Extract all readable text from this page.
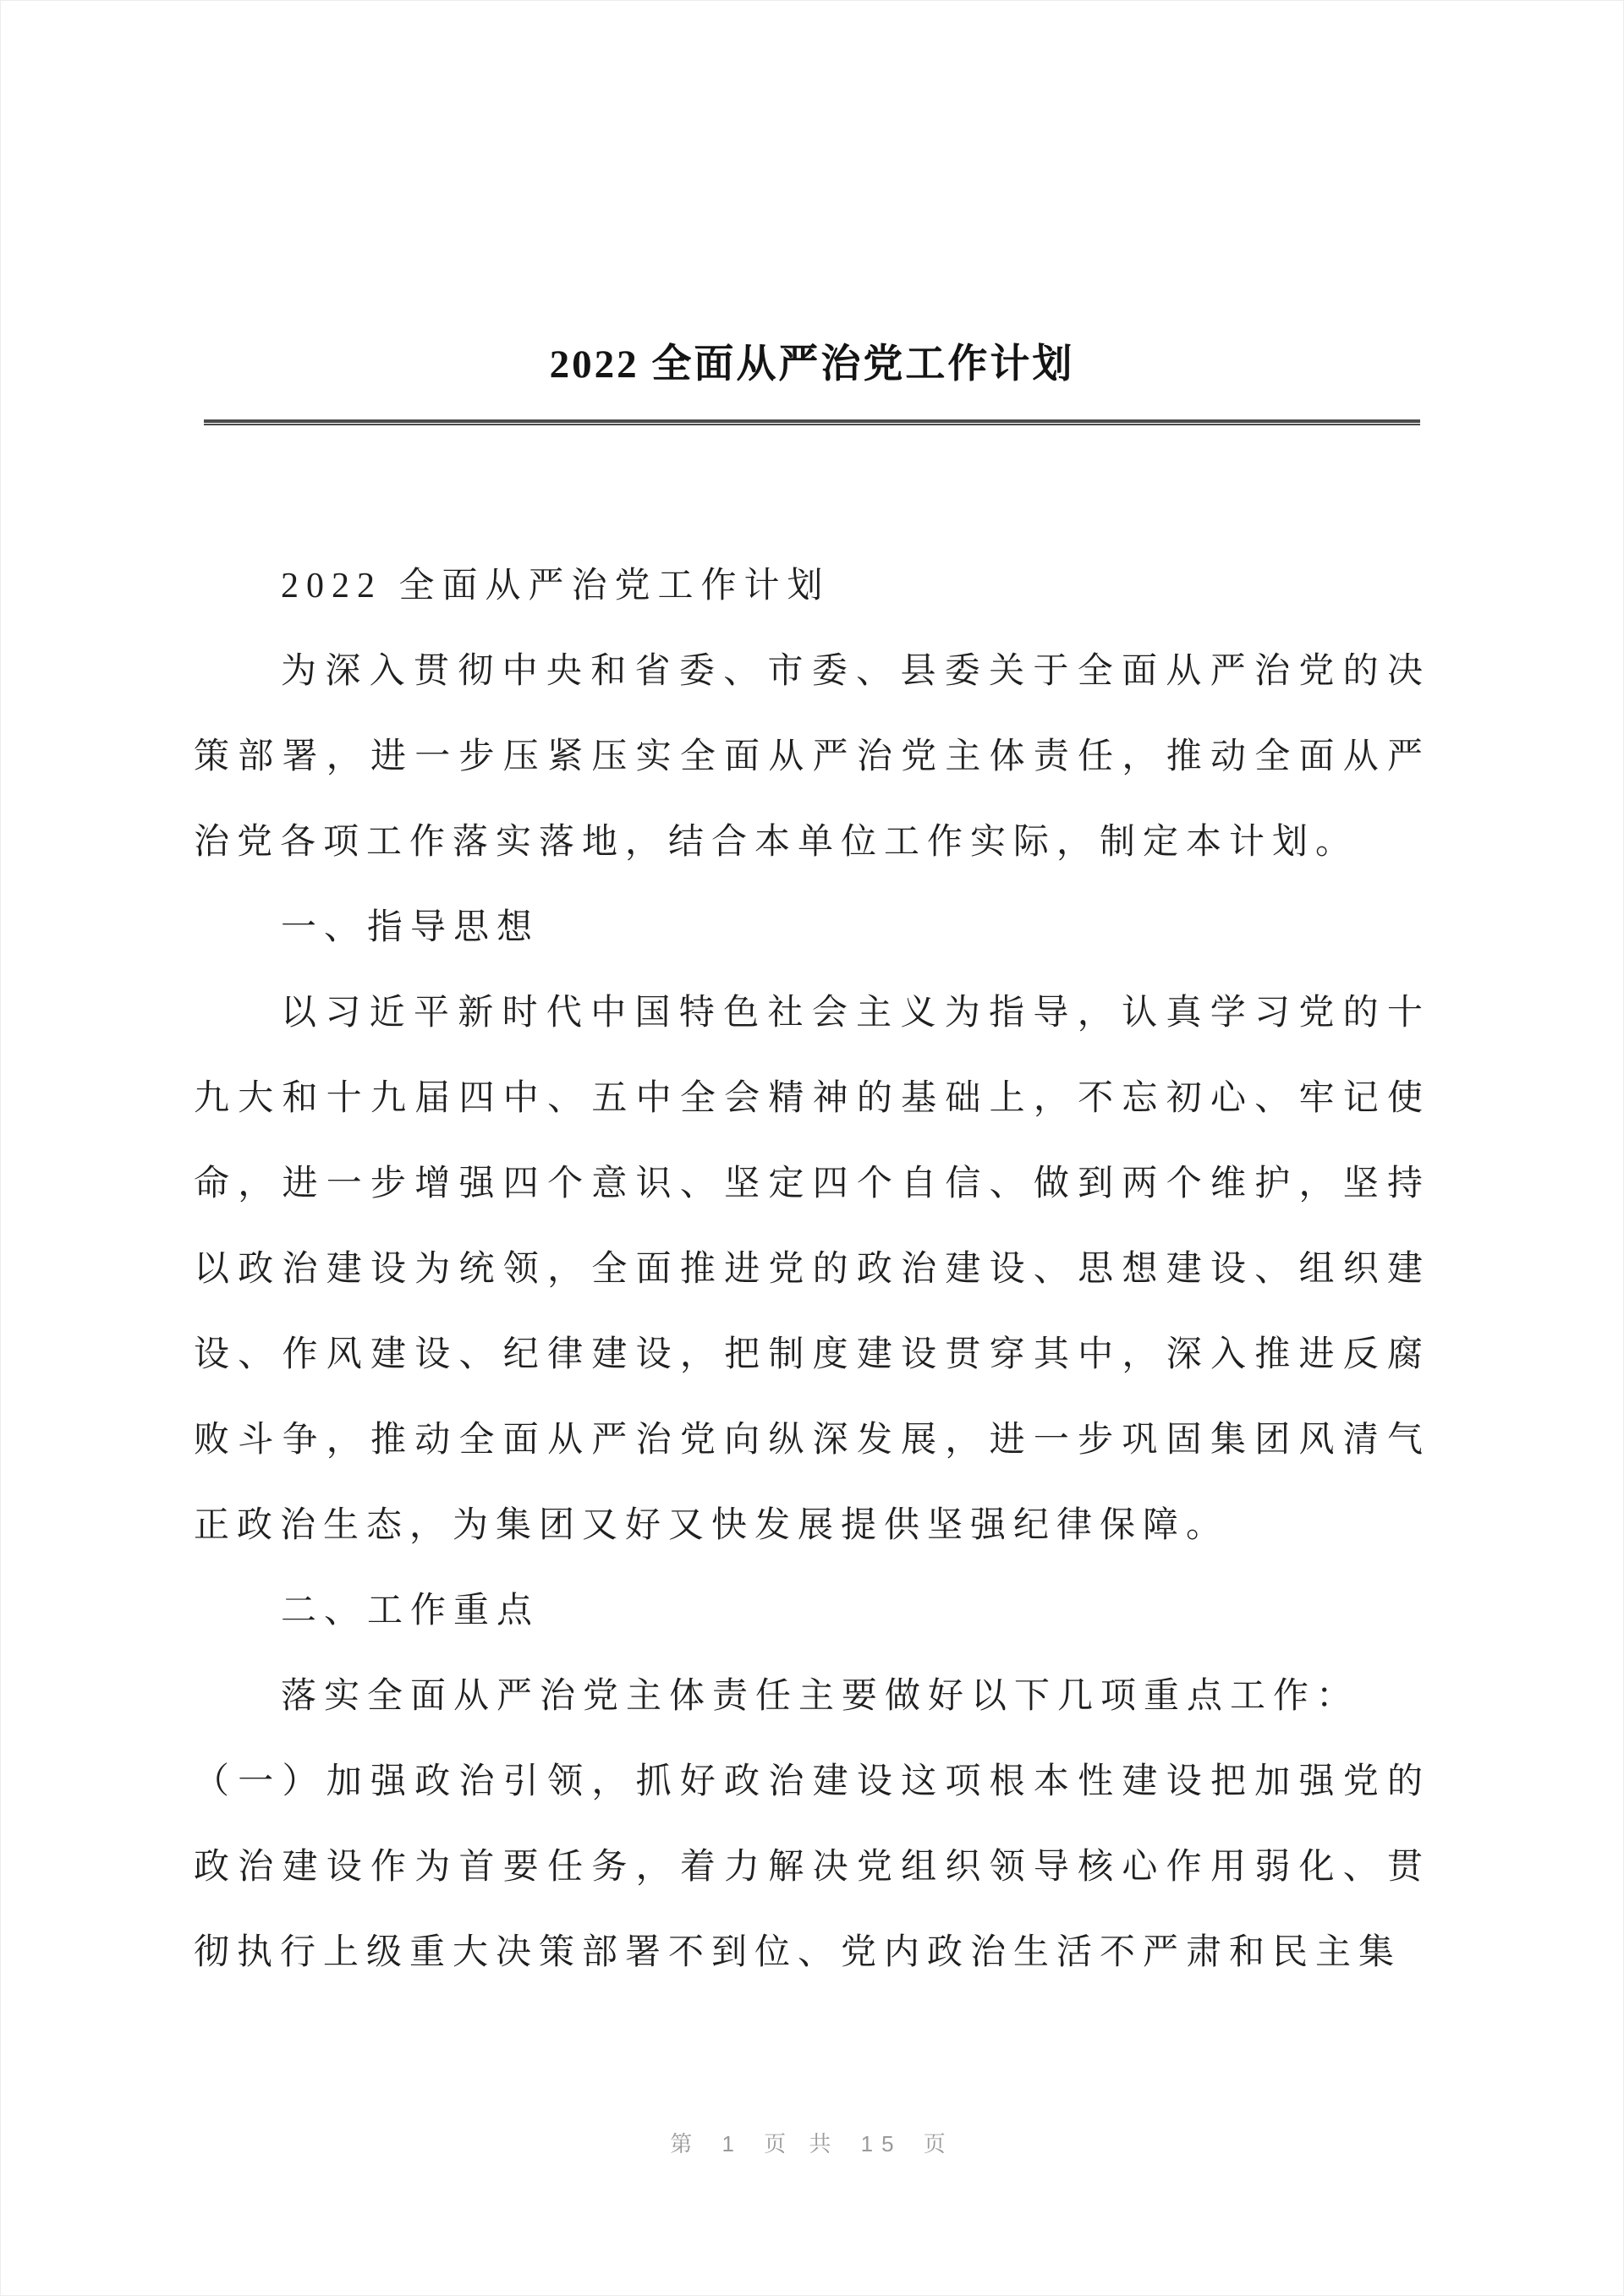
2022 全面从严治党工作计划

2022 全面从严治党工作计划

为深入贯彻中央和省委、市委、县委关于全面从严治党的决策部署，进一步压紧压实全面从严治党主体责任，推动全面从严治党各项工作落实落地，结合本单位工作实际，制定本计划。

一、指导思想

以习近平新时代中国特色社会主义为指导，认真学习党的十九大和十九届四中、五中全会精神的基础上，不忘初心、牢记使命，进一步增强四个意识、坚定四个自信、做到两个维护，坚持以政治建设为统领，全面推进党的政治建设、思想建设、组织建设、作风建设、纪律建设，把制度建设贯穿其中，深入推进反腐败斗争，推动全面从严治党向纵深发展，进一步巩固集团风清气正政治生态，为集团又好又快发展提供坚强纪律保障。

二、工作重点

落实全面从严治党主体责任主要做好以下几项重点工作：

（一）加强政治引领，抓好政治建设这项根本性建设把加强党的政治建设作为首要任务，着力解决党组织领导核心作用弱化、贯彻执行上级重大决策部署不到位、党内政治生活不严肃和民主集

第 1 页 共 15 页
